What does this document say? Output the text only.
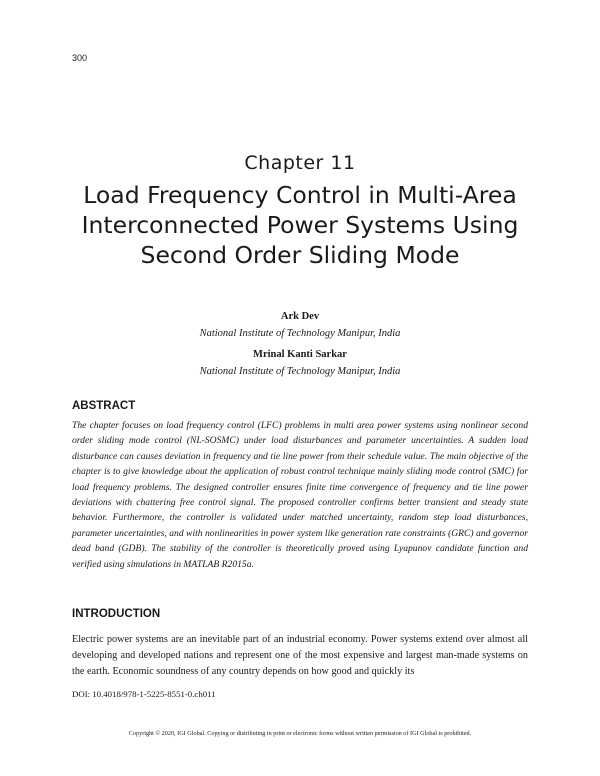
300
Chapter 11
Load Frequency Control in Multi-Area Interconnected Power Systems Using Second Order Sliding Mode
Ark Dev
National Institute of Technology Manipur, India
Mrinal Kanti Sarkar
National Institute of Technology Manipur, India
ABSTRACT

The chapter focuses on load frequency control (LFC) problems in multi area power systems using nonlinear second order sliding mode control (NL-SOSMC) under load disturbances and parameter uncertainties. A sudden load disturbance can causes deviation in frequency and tie line power from their schedule value. The main objective of the chapter is to give knowledge about the application of robust control technique mainly sliding mode control (SMC) for load frequency problems. The designed controller ensures finite time convergence of frequency and tie line power deviations with chattering free control signal. The proposed controller confirms better transient and steady state behavior. Furthermore, the controller is validated under matched uncertainty, random step load disturbances, parameter uncertainties, and with nonlinearities in power system like generation rate constraints (GRC) and governor dead band (GDB). The stability of the controller is theoretically proved using Lyapunov candidate function and verified using simulations in MATLAB R2015a.

INTRODUCTION

Electric power systems are an inevitable part of an industrial economy. Power systems extend over almost all developing and developed nations and represent one of the most expensive and largest man-made systems on the earth. Economic soundness of any country depends on how good and quickly its

DOI: 10.4018/978-1-5225-8551-0.ch011
Copyright © 2020, IGI Global. Copying or distributing in print or electronic forms without written permission of IGI Global is prohibited.
